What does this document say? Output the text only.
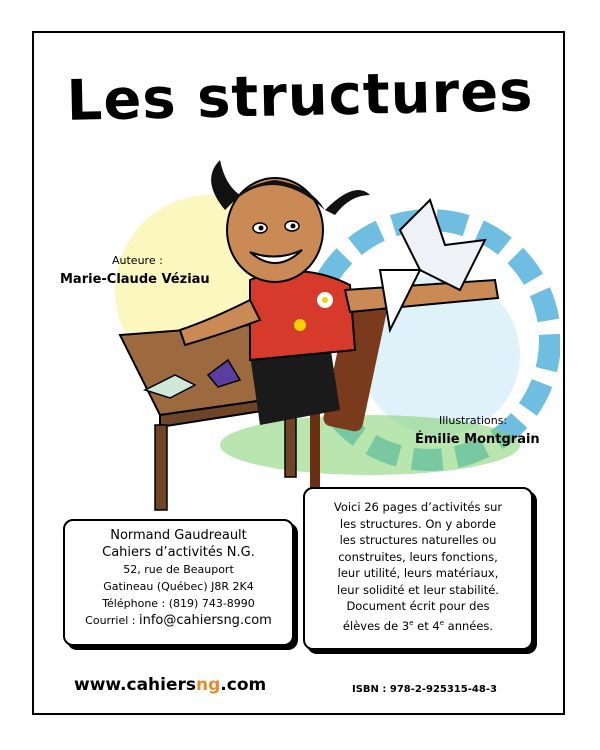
Les structures
Auteure :
Marie-Claude Véziau
Illustrations:
Émilie Montgrain
Normand Gaudreault
Cahiers d’activités N.G.
52, rue de Beauport
Gatineau (Québec) J8R 2K4
Téléphone : (819) 743-8990
Courriel : info@cahiersng.com
Voici 26 pages d’activités sur
les structures. On y aborde
les structures naturelles ou
construites, leurs fonctions,
leur utilité, leurs matériaux,
leur solidité et leur stabilité.
Document écrit pour des
élèves de 3e et 4e années.
www.cahiersng.com	ISBN : 978-2-925315-48-3
